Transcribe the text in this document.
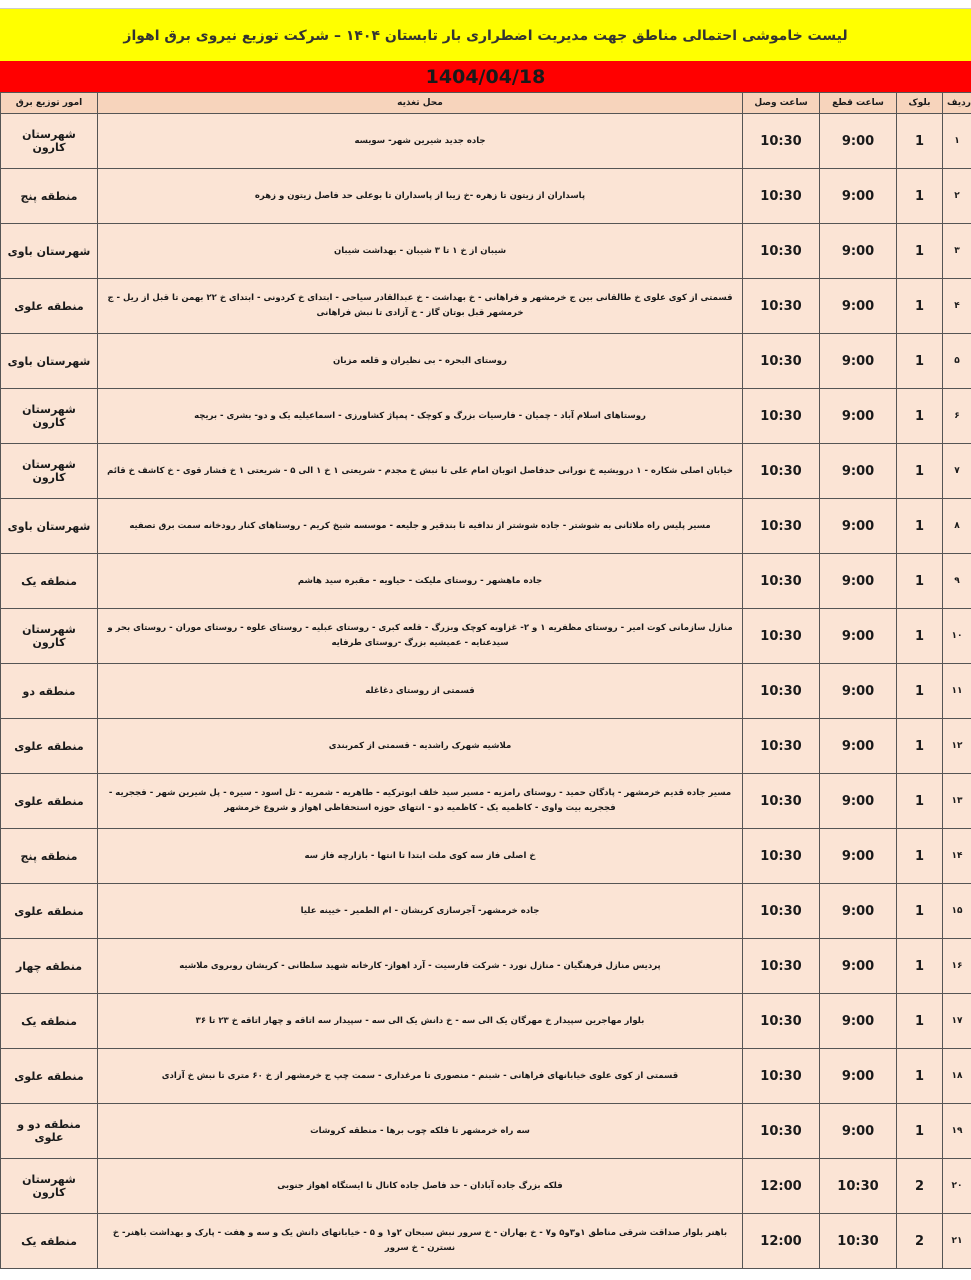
لیست خاموشی احتمالی مناطق جهت مدیریت اضطراری بار تابستان ۱۴۰۴ – شرکت توزیع نیروی برق اهواز
1404/04/18
امور توزیع برق	محل تغذیه	ساعت وصل	ساعت قطع	بلوک	ردیف
شهرستان کارون	جاده جدید شیرین شهر- سویسه	10:30	9:00	1	۱
منطقه پنج	پاسداران از زیتون تا زهره -خ زیبا از پاسداران تا بوعلی حد فاصل زیتون و زهره	10:30	9:00	1	۲
شهرستان باوی	شیبان از خ ۱ تا ۳ شیبان - بهداشت شیبان	10:30	9:00	1	۳
منطقه علوی	قسمتی از کوی علوی خ طالقانی بین ج خرمشهر و فراهانی - خ بهداشت - خ عبدالقادر سیاحی - ابتدای خ کردونی - ابتدای خ ۲۲ بهمن تا قبل از ریل - ج خرمشهر قبل بوتان گاز - خ آزادی تا نبش فراهانی	10:30	9:00	1	۴
شهرستان باوی	روستای البحره - بی نظیران و قلعه مزبان	10:30	9:00	1	۵
شهرستان کارون	روستاهای اسلام آباد - چمیان - فارسیات بزرگ و کوچک - پمپاژ کشاورزی - اسماعیلیه یک و دو- بشری - بریچه	10:30	9:00	1	۶
شهرستان کارون	خیابان اصلی شکاره - ۱ درویشیه خ نورانی حدفاصل اتوبان امام علی تا نبش خ مجدم - شریعتی ۱ خ ۱ الی ۵ - شریعتی ۱ خ فشار قوی - خ کاشف خ قائم	10:30	9:00	1	۷
شهرستان باوی	مسیر پلیس راه ملاثانی به شوشتر - جاده شوشتر از ندافیه تا بندقیر و جلیعه - موسسه شیخ کریم - روستاهای کنار رودخانه سمت برق تصفیه	10:30	9:00	1	۸
منطقه یک	جاده ماهشهر - روستای ملیکت - حیاویه - مقبره سید هاشم	10:30	9:00	1	۹
شهرستان کارون	منازل سازمانی کوت امیر - روستای مظفریه ۱ و ۲- غزاویه کوچک وبزرگ - قلعه کبری - روستای عبلیه - روستای علوه - روستای موران - روستای بحر و سیدعنایه - عمیشیه بزرگ -روستای طرفایه	10:30	9:00	1	۱۰
منطقه دو	قسمتی از روستای دغاغله	10:30	9:00	1	۱۱
منطقه علوی	ملاشیه شهرک راشدیه - قسمتی از کمربندی	10:30	9:00	1	۱۲
منطقه علوی	مسیر جاده قدیم خرمشهر - پادگان حمید - روستای رامزیه - مسیر سید خلف ابوترکیه - طاهریه - شمریه - تل اسود - سیره - پل شیرین شهر - فججریه - فججریه بیت واوی - کاظمیه یک - کاظمیه دو - انتهای حوزه استحفاظی اهواز و شروع خرمشهر	10:30	9:00	1	۱۳
منطقه پنج	خ اصلی فاز سه کوی ملت ابتدا تا انتها - بازارچه فاز سه	10:30	9:00	1	۱۴
منطقه علوی	جاده خرمشهر- آجرسازی کریشان - ام الطمیر - خیینه علیا	10:30	9:00	1	۱۵
منطقه چهار	پردیس منازل فرهنگیان - منازل نورد - شرکت فارسیت - آرد اهواز- کارخانه شهید سلطانی - کریشان روبروی ملاشیه	10:30	9:00	1	۱۶
منطقه یک	بلوار مهاجرین سپیدار خ مهرگان یک الی سه - خ دانش یک الی سه - سپیدار سه اتاقه و چهار اتاقه خ ۲۳ تا ۳۶	10:30	9:00	1	۱۷
منطقه علوی	قسمتی از کوی علوی خیابانهای فراهانی - شبنم - منصوری تا مرغداری - سمت چپ ج خرمشهر از خ ۶۰ متری تا نبش خ آزادی	10:30	9:00	1	۱۸
منطقه دو و علوی	سه راه خرمشهر تا فلکه چوب برها - منطقه کروشات	10:30	9:00	1	۱۹
شهرستان کارون	فلکه بزرگ جاده آبادان - حد فاصل جاده کانال تا ایستگاه اهواز جنوبی	12:00	10:30	2	۲۰
منطقه یک	باهنر بلوار صداقت شرقی مناطق ۱و۳و۵ و۷ - خ بهاران - خ سرور نبش سبحان ۲و۱ و ۵ - خیابانهای دانش یک و سه و هفت - پارک و بهداشت باهنر- خ نسترن - خ سرور	12:00	10:30	2	۲۱
